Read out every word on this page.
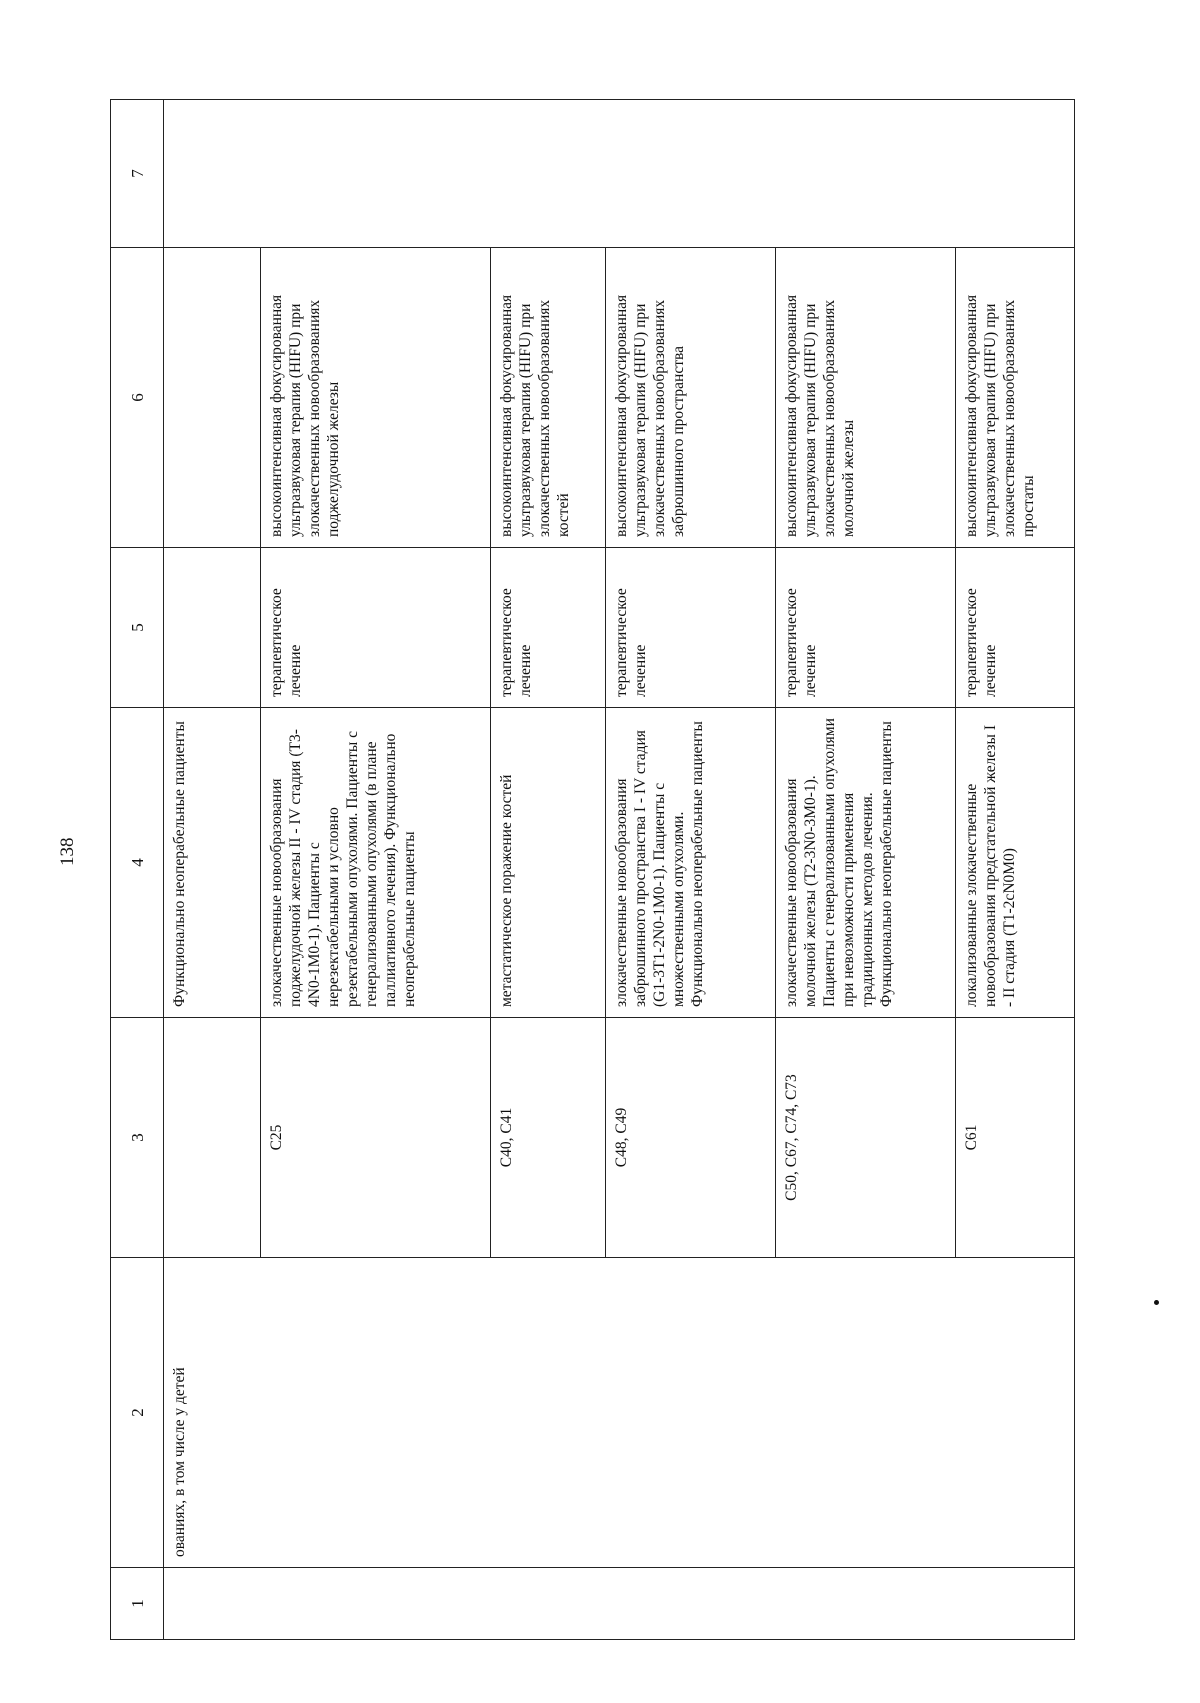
138
1	2	3	4	5	6	7
	ованиях, в том числе у детей		Функционально неоперабельные пациенты			
		C25	злокачественные новообразования поджелудочной железы II - IV стадия (T3-4N0-1M0-1). Пациенты с нерезектабельными и условно резектабельными опухолями. Пациенты с генерализованными опухолями (в плане паллиативного лечения). Функционально неоперабельные пациенты	терапевтическое лечение	высокоинтенсивная фокусированная ультразвуковая терапия (HIFU) при злокачественных новообразованиях поджелудочной железы	
		C40, C41	метастатическое поражение костей	терапевтическое лечение	высокоинтенсивная фокусированная ультразвуковая терапия (HIFU) при злокачественных новообразованиях костей	
		C48, C49	злокачественные новообразования забрюшинного пространства I - IV стадия (G1-3T1-2N0-1M0-1). Пациенты с множественными опухолями. Функционально неоперабельные пациенты	терапевтическое лечение	высокоинтенсивная фокусированная ультразвуковая терапия (HIFU) при злокачественных новообразованиях забрюшинного пространства	
		C50, C67, C74, C73	злокачественные новообразования молочной железы (T2-3N0-3M0-1). Пациенты с генерализованными опухолями при невозможности применения традиционных методов лечения. Функционально неоперабельные пациенты	терапевтическое лечение	высокоинтенсивная фокусированная ультразвуковая терапия (HIFU) при злокачественных новообразованиях молочной железы	
		C61	локализованные злокачественные новообразования предстательной железы I - II стадия (T1-2cN0M0)	терапевтическое лечение	высокоинтенсивная фокусированная ультразвуковая терапия (HIFU) при злокачественных новообразованиях простаты	
